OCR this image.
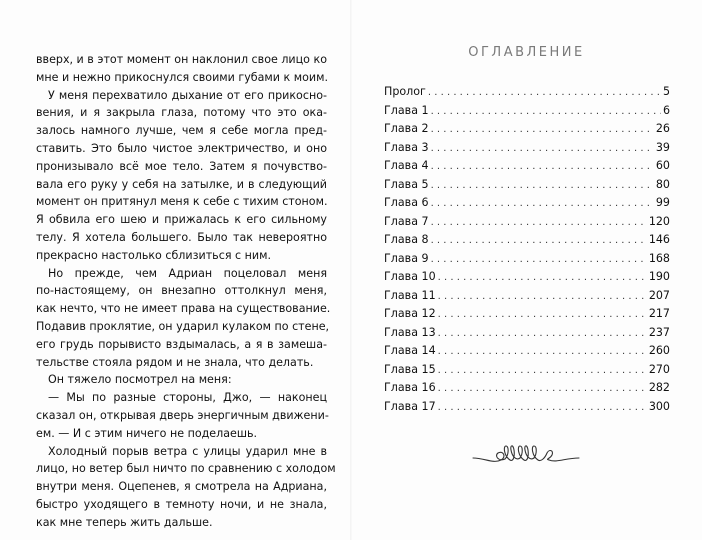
вверх, и в этот момент он наклонил свое лицо ко
мне и нежно прикоснулся своими губами к моим.
У меня перехватило дыхание от его прикосно-
вения, и я закрыла глаза, потому что это ока-
залось намного лучше, чем я себе могла пред-
ставить. Это было чистое электричество, и оно
пронизывало всё мое тело. Затем я почувство-
вала его руку у себя на затылке, и в следующий
момент он притянул меня к себе с тихим стоном.
Я обвила его шею и прижалась к его сильному
телу. Я хотела большего. Было так невероятно
прекрасно настолько сблизиться с ним.
Но прежде, чем Адриан поцеловал меня
по-настоящему, он внезапно оттолкнул меня,
как нечто, что не имеет права на существование.
Подавив проклятие, он ударил кулаком по стене,
его грудь порывисто вздымалась, а я в замеша-
тельстве стояла рядом и не знала, что делать.
Он тяжело посмотрел на меня:
— Мы по разные стороны, Джо, — наконец
сказал он, открывая дверь энергичным движени-
ем. — И с этим ничего не поделаешь.
Холодный порыв ветра с улицы ударил мне в
лицо, но ветер был ничто по сравнению с холодом
внутри меня. Оцепенев, я смотрела на Адриана,
быстро уходящего в темноту ночи, и не знала,
как мне теперь жить дальше.
ОГЛАВЛЕНИЕ
Пролог . . .	5
Глава 1 . . .	6
Глава 2 . . .	26
Глава 3 . . .	39
Глава 4 . . .	60
Глава 5 . . .	80
Глава 6 . . .	99
Глава 7 . . .	120
Глава 8 . . .	146
Глава 9 . . .	168
Глава 10 . . .	190
Глава 11 . . .	207
Глава 12 . . .	217
Глава 13 . . .	237
Глава 14 . . .	260
Глава 15 . . .	270
Глава 16 . . .	282
Глава 17 . . .	300
